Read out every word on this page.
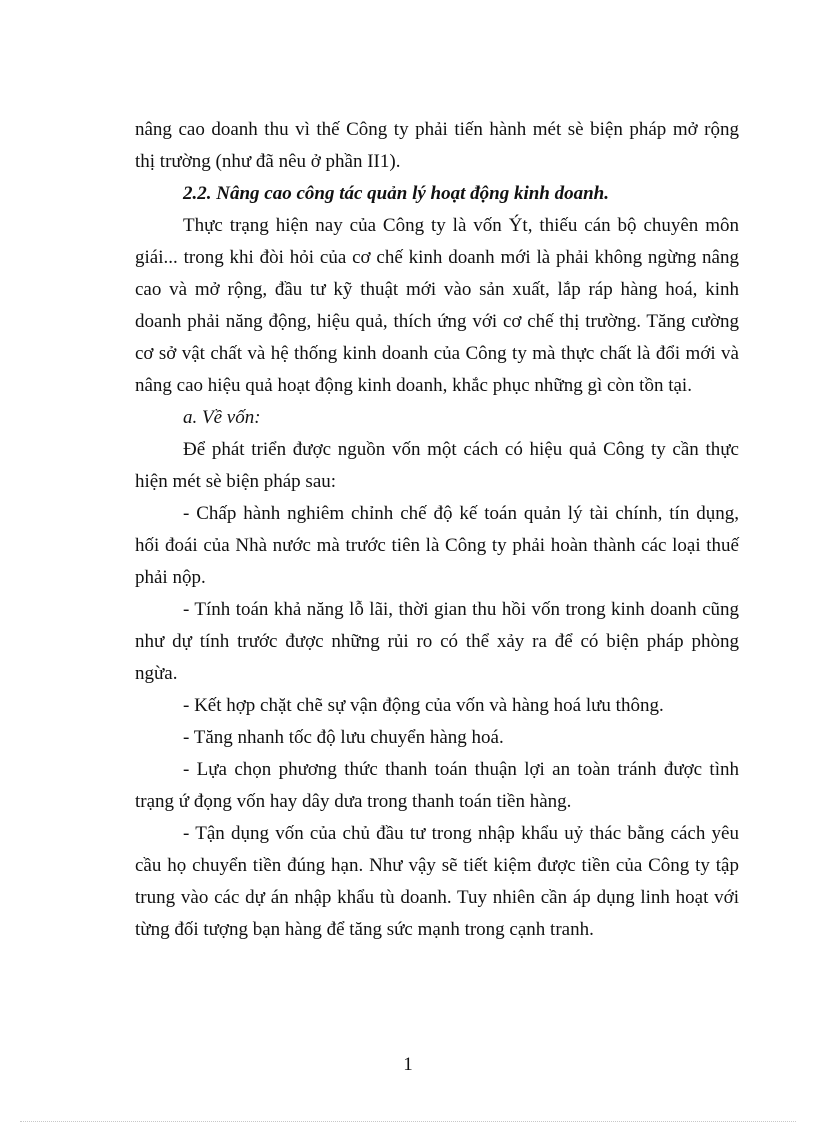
nâng cao doanh thu vì thế Công ty phải tiến hành mét sè biện pháp mở rộng
thị trường (như đã nêu ở phần II1).
2.2. Nâng cao công tác quản lý hoạt động kinh doanh.
Thực trạng hiện nay của Công ty là vốn Ýt, thiếu cán bộ chuyên môn
giái... trong khi đòi hỏi của cơ chế kinh doanh mới là phải không ngừng nâng
cao và mở rộng, đầu tư kỹ thuật mới vào sản xuất, lắp ráp hàng hoá, kinh
doanh phải năng động, hiệu quả, thích ứng với cơ chế thị trường. Tăng cường
cơ sở vật chất và hệ thống kinh doanh của Công ty mà thực chất là đổi mới và
nâng cao hiệu quả hoạt động kinh doanh, khắc phục những gì còn tồn tại.
a. Về vốn:
Để phát triển được nguồn vốn một cách có hiệu quả Công ty cần thực
hiện mét sè biện pháp sau:
- Chấp hành nghiêm chỉnh chế độ kế toán quản lý tài chính, tín dụng,
hối đoái của Nhà nước mà trước tiên là Công ty phải hoàn thành các loại thuế
phải nộp.
- Tính toán khả năng lỗ lãi, thời gian thu hồi vốn trong kinh doanh cũng
như dự tính trước được những rủi ro có thể xảy ra để có biện pháp phòng
ngừa.
- Kết hợp chặt chẽ sự vận động của vốn và hàng hoá lưu thông.
- Tăng nhanh tốc độ lưu chuyển hàng hoá.
- Lựa chọn phương thức thanh toán thuận lợi an toàn tránh được tình
trạng ứ đọng vốn hay dây dưa trong thanh toán tiền hàng.
- Tận dụng vốn của chủ đầu tư trong nhập khẩu uỷ thác bằng cách yêu
cầu họ chuyển tiền đúng hạn. Như vậy sẽ tiết kiệm được tiền của Công ty tập
trung vào các dự án nhập khẩu tù doanh. Tuy nhiên cần áp dụng linh hoạt với
từng đối tượng bạn hàng để tăng sức mạnh trong cạnh tranh.
1
